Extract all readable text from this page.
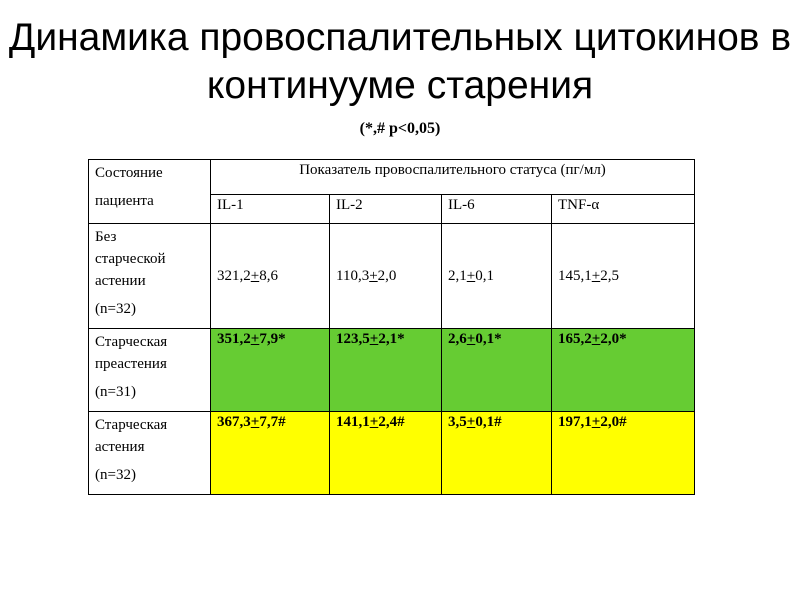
Динамика провоспалительных цитокинов в континууме старения
(*,# p<0,05)
Состояние
пациента	Показатель провоспалительного статуса (пг/мл)			
	IL-1	IL-2	IL-6	TNF-α
Без
старческой
астении
(n=32)	321,2+8,6	110,3+2,0	2,1+0,1	145,1+2,5
Старческая
преастения
(n=31)	351,2+7,9*	123,5+2,1*	2,6+0,1*	165,2+2,0*
Старческая
астения
(n=32)	367,3+7,7#	141,1+2,4#	3,5+0,1#	197,1+2,0#
